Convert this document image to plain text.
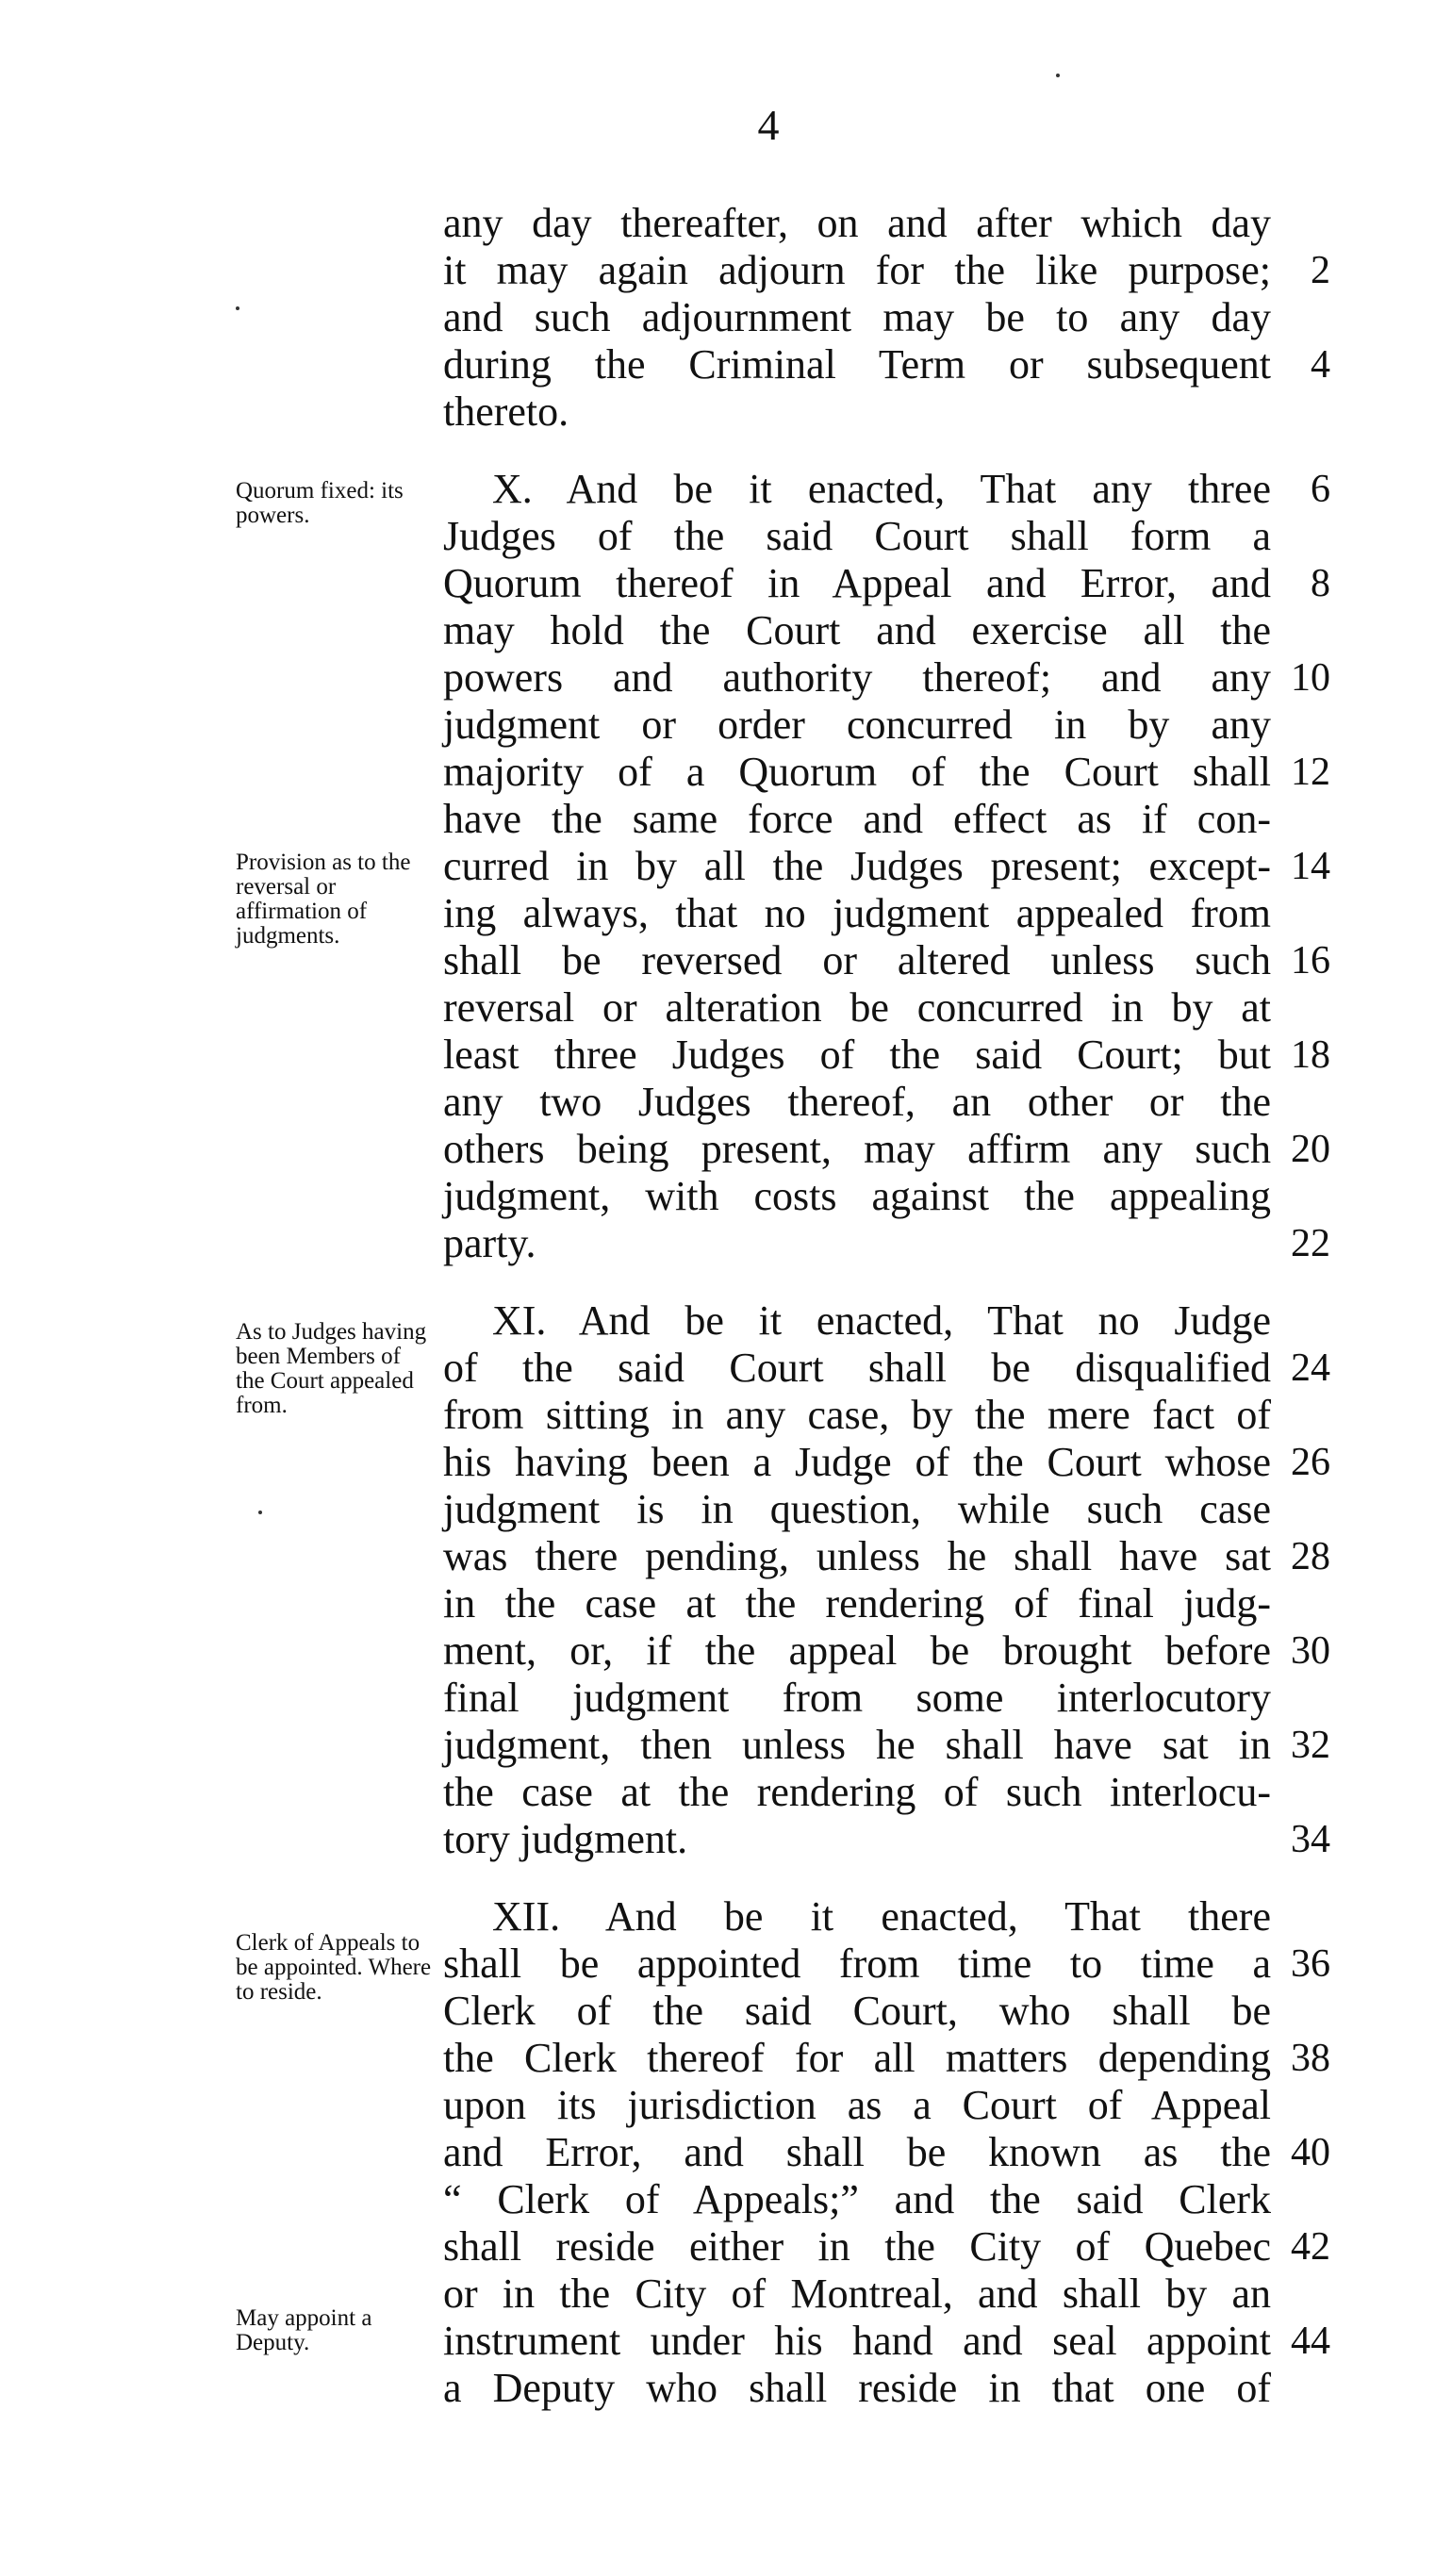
4
any day thereafter, on and after which day
it may again adjourn for the like purpose;	2
and such adjournment may be to any day
during the Criminal Term or subsequent	4
thereto.
X. And be it enacted, That any three	6
Judges of the said Court shall form a
Quorum thereof in Appeal and Error, and	8
may hold the Court and exercise all the
powers and authority thereof; and any 10
judgment or order concurred in by any
majority of a Quorum of the Court shall 12
have the same force and effect as if con-
curred in by all the Judges present; except- 14
ing always, that no judgment appealed from
shall be reversed or altered unless such 16
reversal or alteration be concurred in by at
least three Judges of the said Court; but 18
any two Judges thereof, an other or the
others being present, may affirm any such 20
judgment, with costs against the appealing
party.	22
XI. And be it enacted, That no Judge
of the said Court shall be disqualified 24
from sitting in any case, by the mere fact of
his having been a Judge of the Court whose 26
judgment is in question, while such case
was there pending, unless he shall have sat 28
in the case at the rendering of final judg-
ment, or, if the appeal be brought before 30
final judgment from some interlocutory
judgment, then unless he shall have sat in 32
the case at the rendering of such interlocu-
tory judgment.	34
XII. And be it enacted, That there
shall be appointed from time to time a 36
Clerk of the said Court, who shall be
the Clerk thereof for all matters depending 38
upon its jurisdiction as a Court of Appeal
and Error, and shall be known as the 40
“ Clerk of Appeals;” and the said Clerk
shall reside either in the City of Quebec 42
or in the City of Montreal, and shall by an
instrument under his hand and seal appoint 44
a Deputy who shall reside in that one of
Quorum fixed: its powers.
Provision as to the reversal or affirmation of judgments.
As to Judges having been Members of the Court appealed from.
Clerk of Appeals to be appointed. Where to reside.
May appoint a Deputy.
